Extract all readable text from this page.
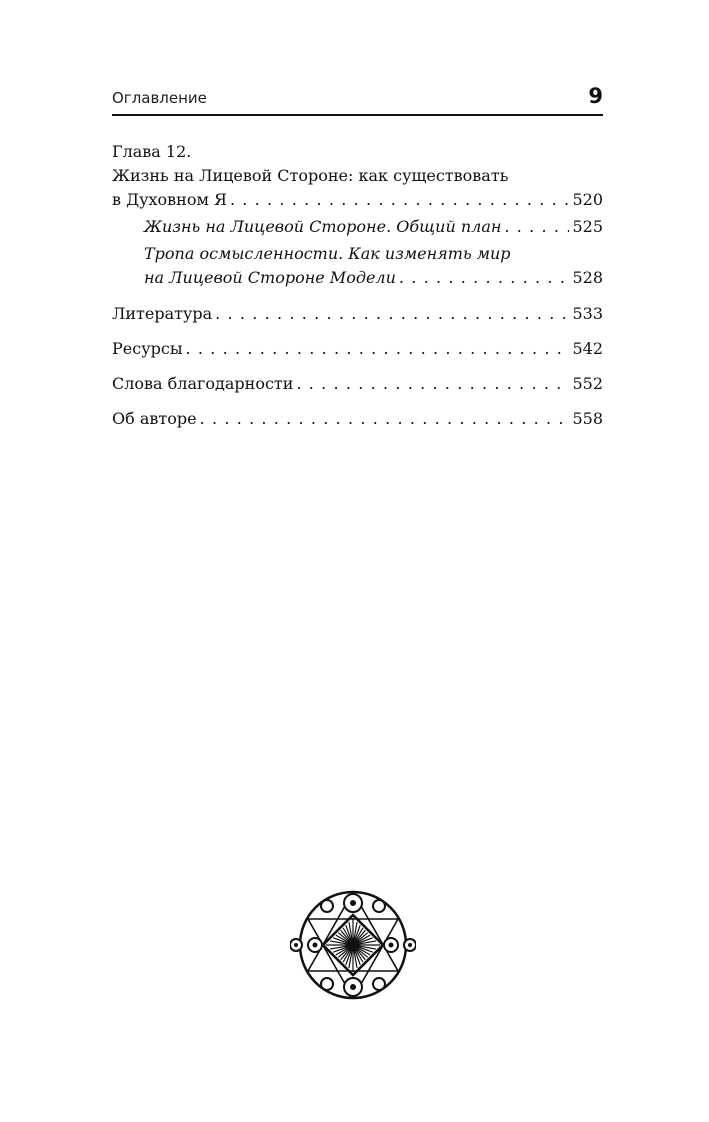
Оглавление	9
Глава 12.
Жизнь на Лицевой Стороне: как существовать
в Духовном Я . . .	520
Жизнь на Лицевой Стороне. Общий план . . .	525
Тропа осмысленности. Как изменять мир
на Лицевой Стороне Модели . . .	528
Литература . . .	533
Ресурсы . . .	542
Слова благодарности . . .	552
Об авторе . . .	558
